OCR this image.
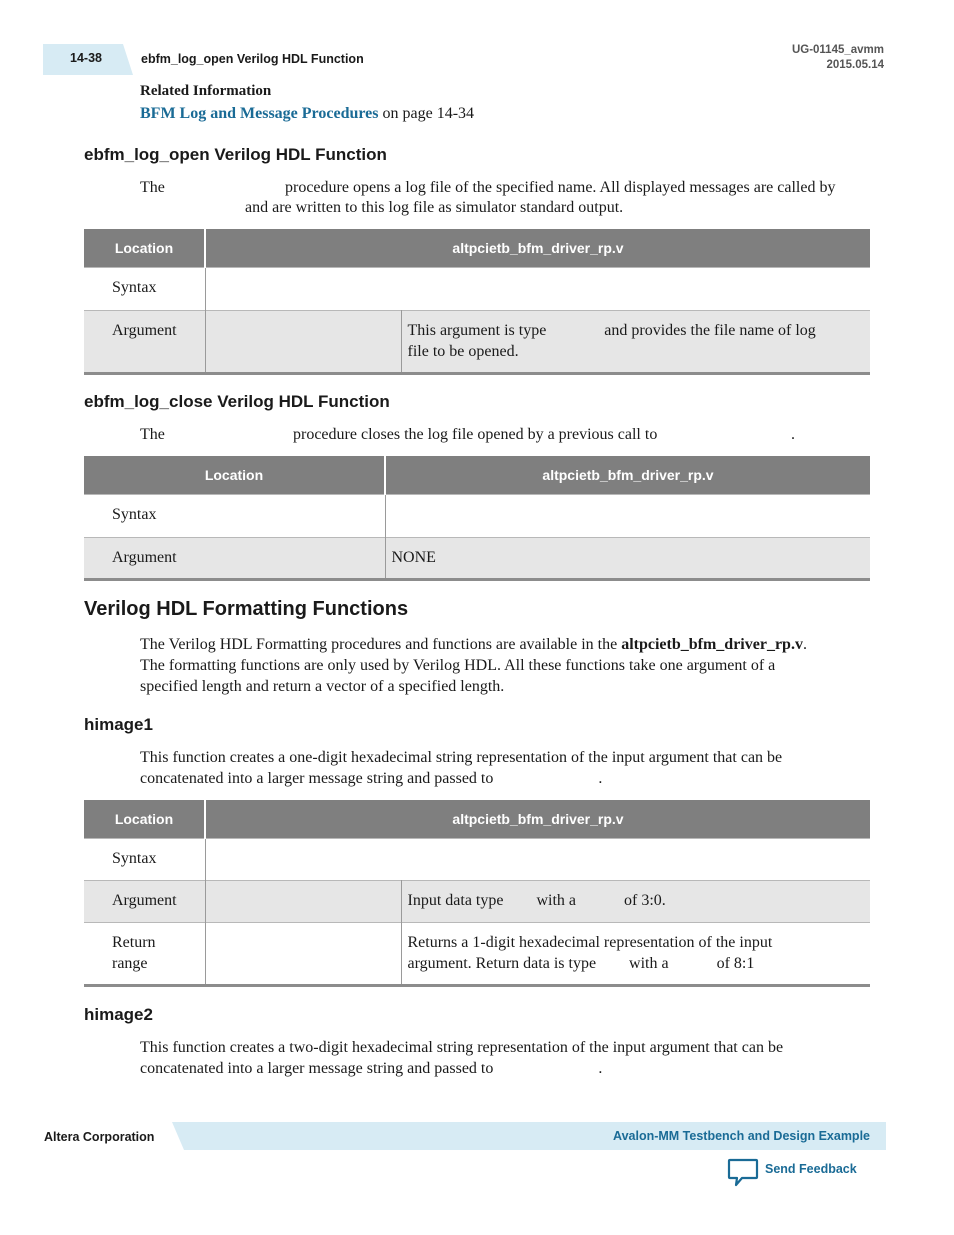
14-38	ebfm_log_open Verilog HDL Function
UG-01145_avmm
2015.05.14
Related Information
BFM Log and Message Procedures on page 14-34
ebfm_log_open Verilog HDL Function
The	procedure opens a log file of the specified name. All displayed messages are called by
and are written to this log file as simulator standard output.
Location	altpcietb_bfm_driver_rp.v	
Syntax		
Argument		This argument is type and provides the file name of log
file to be opened.
ebfm_log_close Verilog HDL Function
The	procedure closes the log file opened by a previous call to	.
Location	altpcietb_bfm_driver_rp.v
Syntax	
Argument	NONE
Verilog HDL Formatting Functions
The Verilog HDL Formatting procedures and functions are available in the altpcietb_bfm_driver_rp.v.
The formatting functions are only used by Verilog HDL. All these functions take one argument of a
specified length and return a vector of a specified length.
himage1
This function creates a one-digit hexadecimal string representation of the input argument that can be
concatenated into a larger message string and passed to	.
Location	altpcietb_bfm_driver_rp.v	
Syntax		
Argument		Input data type with a of 3:0.
Return
range		Returns a 1-digit hexadecimal representation of the input
argument. Return data is type with a of 8:1
himage2
This function creates a two-digit hexadecimal string representation of the input argument that can be
concatenated into a larger message string and passed to	.
Altera Corporation	Avalon-MM Testbench and Design Example
Send Feedback
